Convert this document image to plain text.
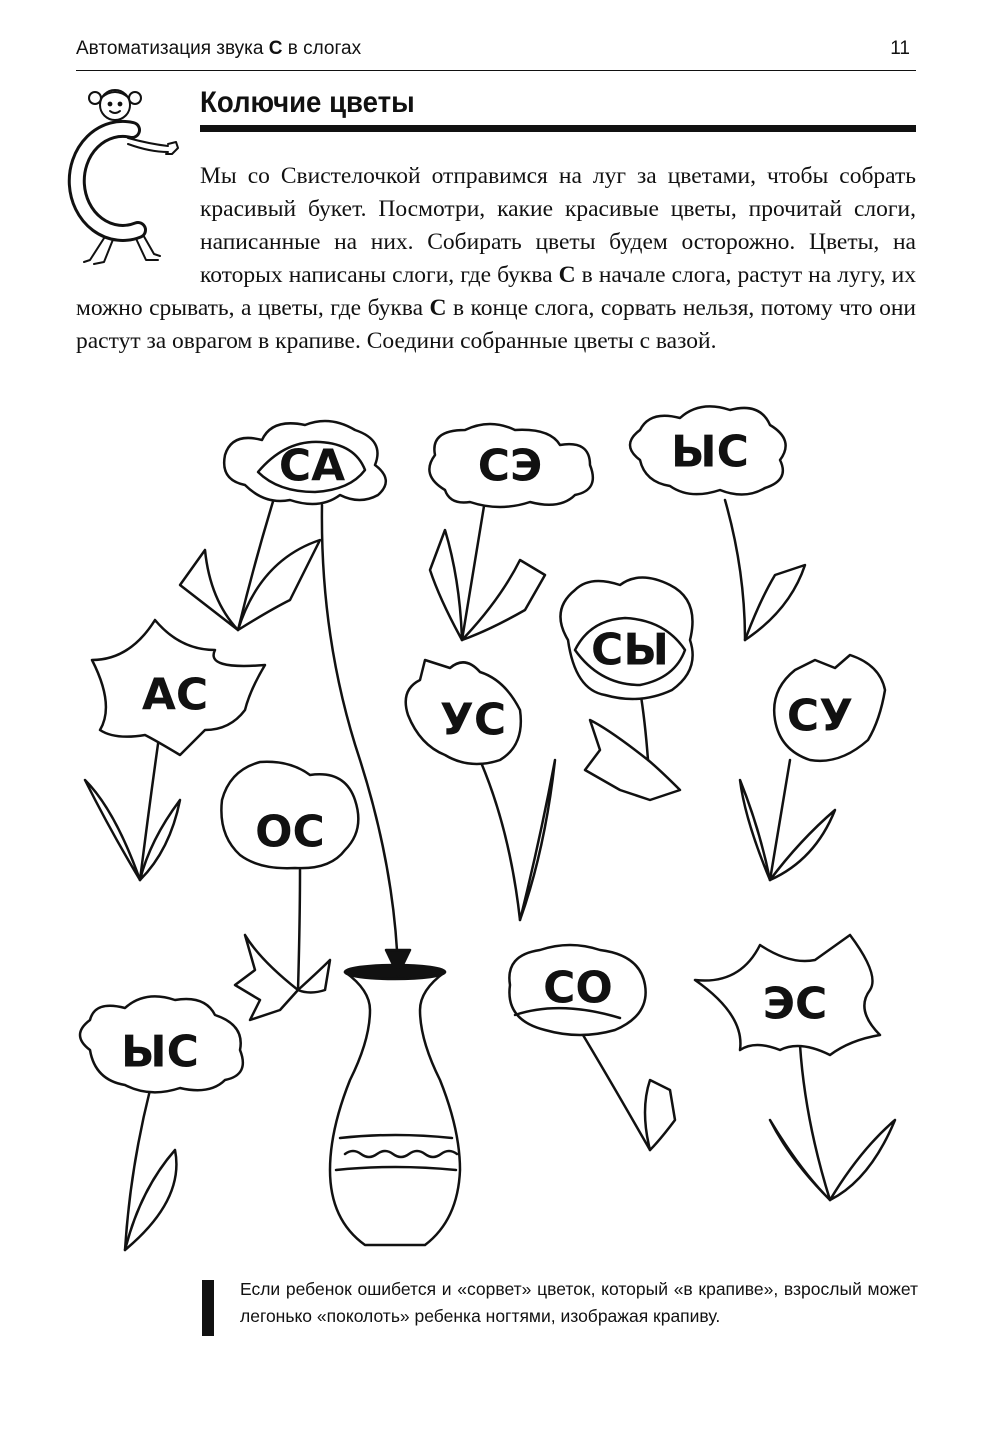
Автоматизация звука С в слогах	11
Колючие цветы

Мы со Свистелочкой отправимся на луг за цветами, чтобы собрать красивый букет. Посмотри, какие красивые цветы, прочитай слоги, написанные на них. Собирать цветы будем осторожно. Цветы, на которых написаны слоги, где буква С в начале слога, растут на лугу, их можно срывать, а цветы, где буква С в конце слога, сорвать нельзя, потому что они растут за оврагом в крапиве. Соедини собранные цветы с вазой.

СА	СЭ	ЫС
СЫ
АС	УС	СУ
ОС
СО	ЭС
ЫС
Если ребенок ошибется и «сорвет» цветок, который «в крапиве», взрослый может легонько «поколоть» ребенка ногтями, изображая крапиву.
